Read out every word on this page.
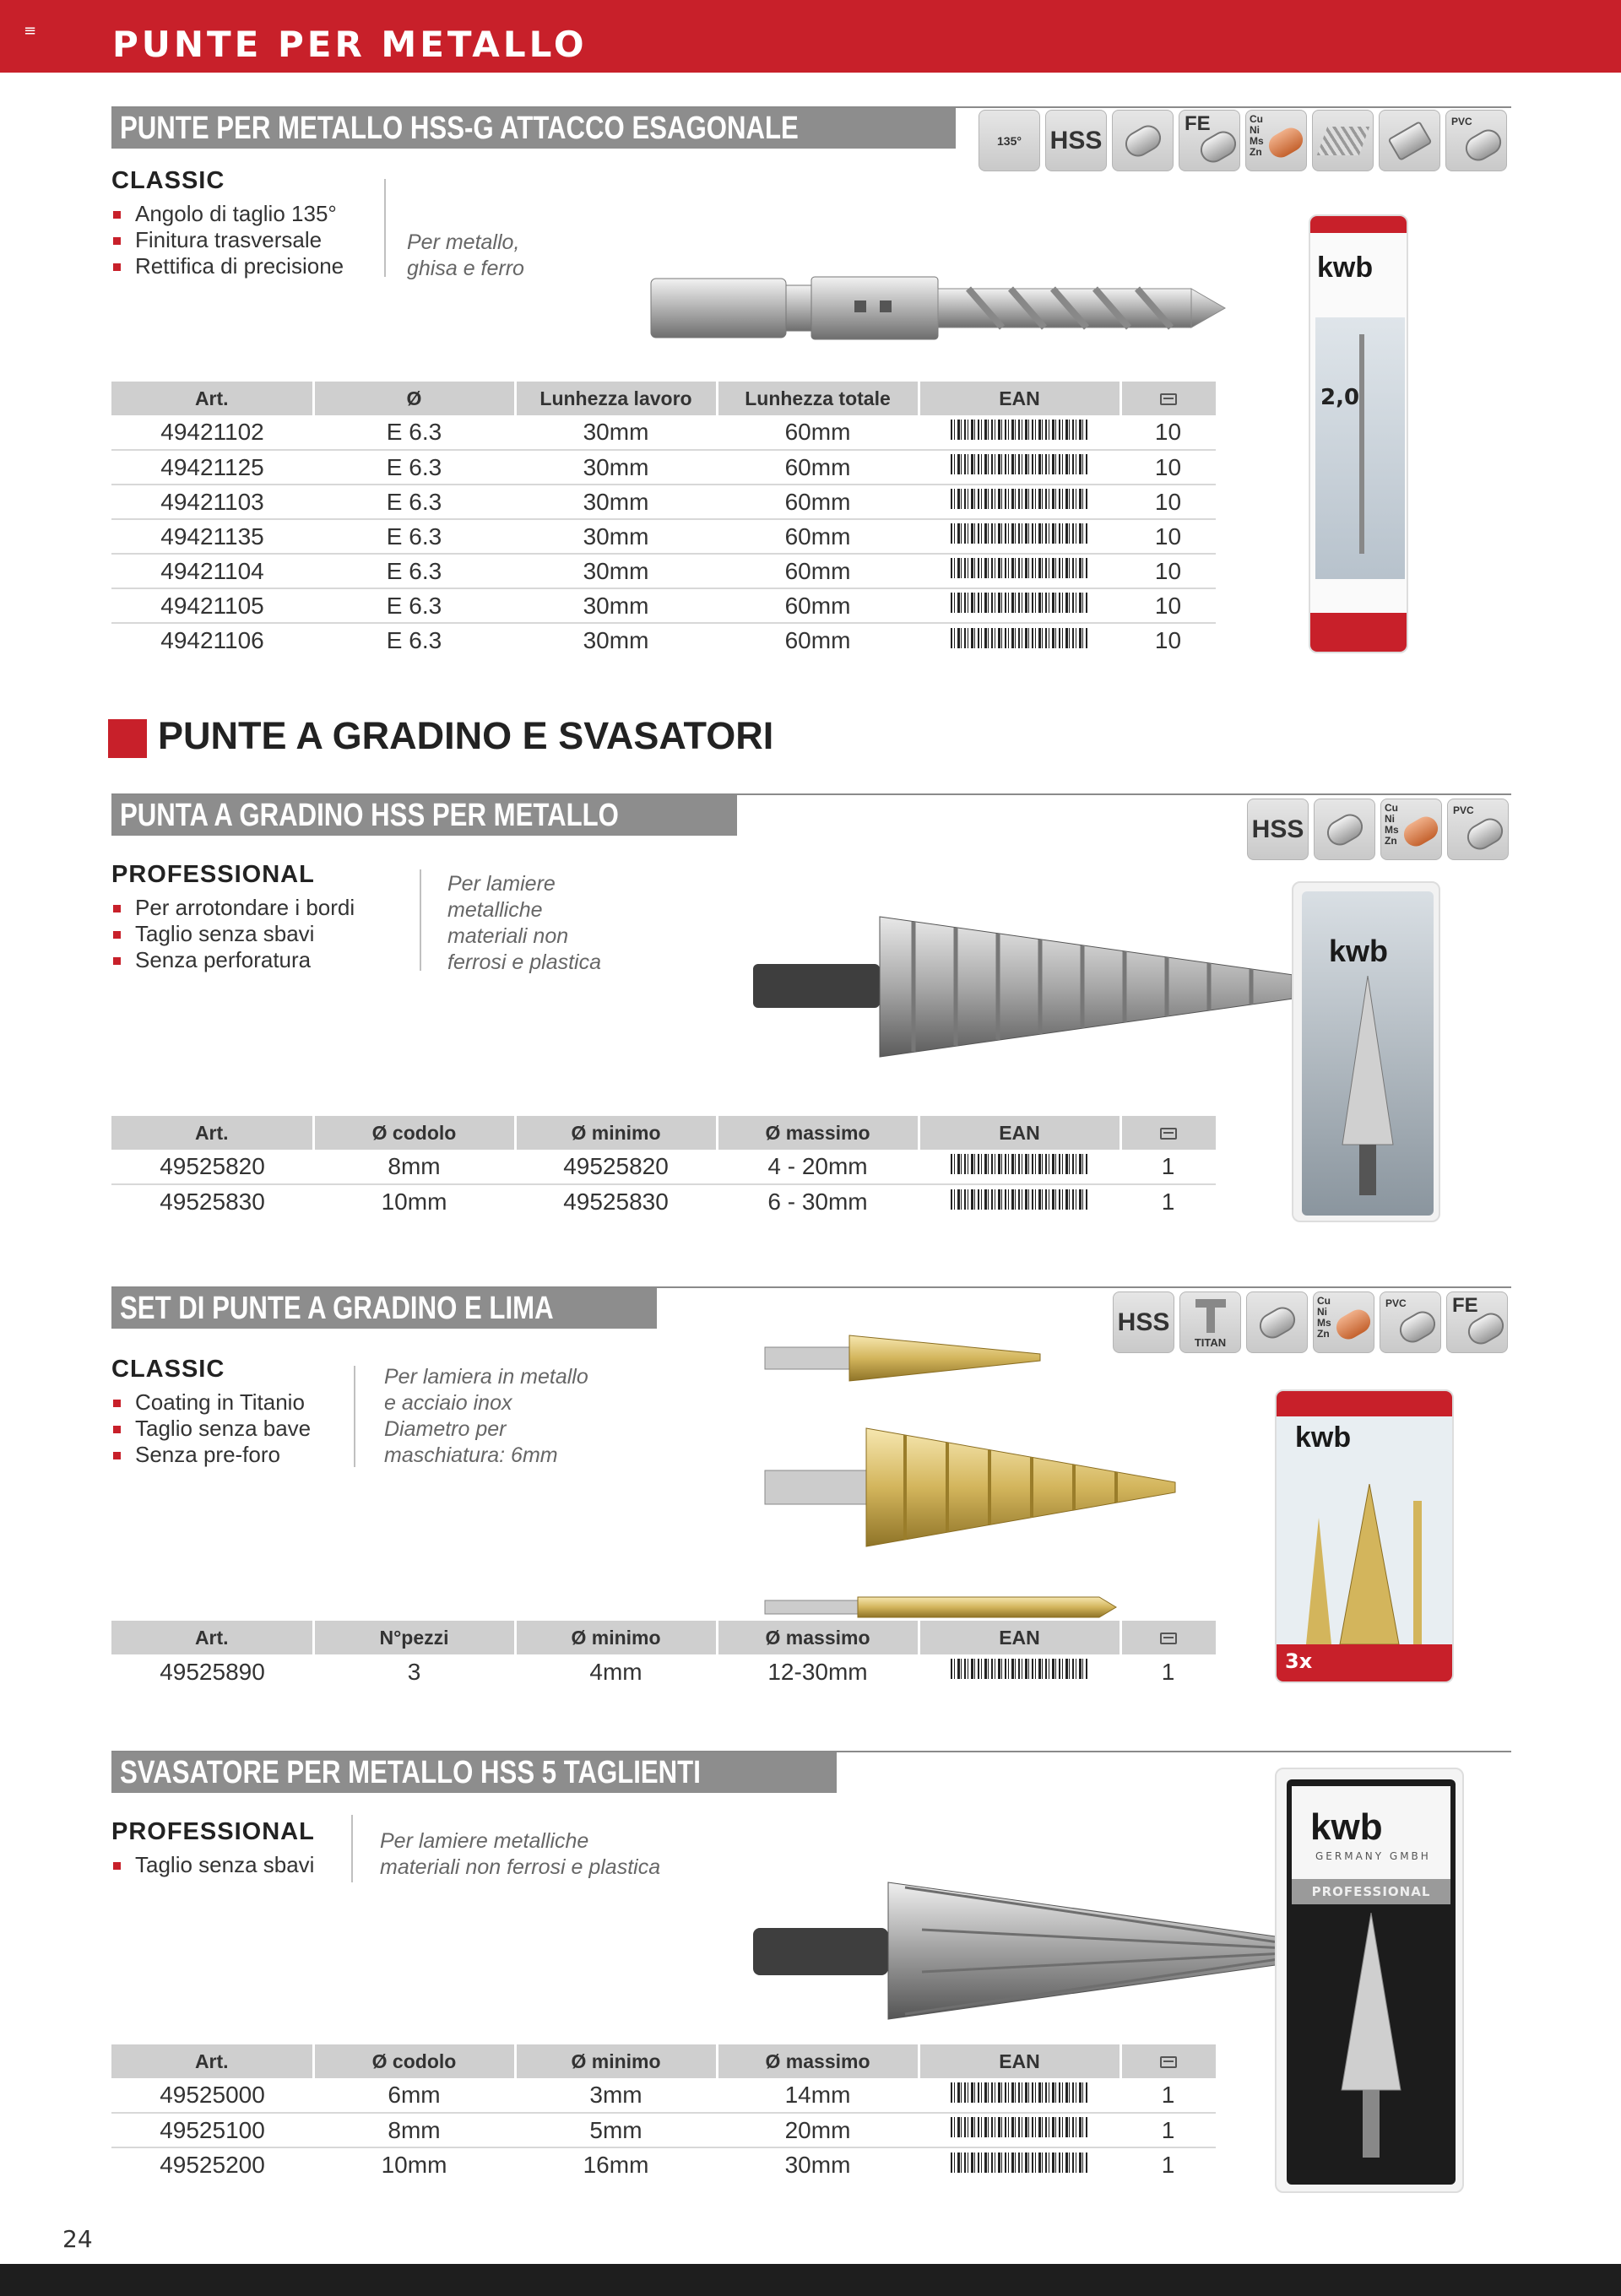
≡ PUNTE PER METALLO
PUNTE PER METALLO HSS-G ATTACCO ESAGONALE	135° HSS
FE	Cu Ni Ms Zn
PVC
CLASSIC
Angolo di taglio 135°
Finitura trasversale
Rettifica di precisione
Per metallo,
ghisa e ferro	kwb
2,0
Art.	Ø	Lunhezza lavoro	Lunhezza totale	EAN	
49421102	E 6.3	30mm	60mm		10
49421125	E 6.3	30mm	60mm		10
49421103	E 6.3	30mm	60mm		10
49421135	E 6.3	30mm	60mm		10
49421104	E 6.3	30mm	60mm		10
49421105	E 6.3	30mm	60mm		10
49421106	E 6.3	30mm	60mm		10
PUNTE A GRADINO E SVASATORI
PUNTA A GRADINO HSS PER METALLO	HSS
Cu Ni Ms Zn
PVC
PROFESSIONAL
Per arrotondare i bordi
Taglio senza sbavi
Senza perforatura
Per lamiere
metalliche
materiali non
ferrosi e plastica	kwb
Art.	Ø codolo	Ø minimo	Ø massimo	EAN	
49525820	8mm	49525820	4 - 20mm		1
49525830	10mm	49525830	6 - 30mm		1
SET DI PUNTE A GRADINO E LIMA	HSS
TITAN
Cu Ni Ms Zn
PVC FE
CLASSIC
Coating in Titanio
Taglio senza bave
Senza pre-foro
Per lamiera in metallo
e acciaio inox
Diametro per
maschiatura: 6mm
kwb
3x
Art.	N°pezzi	Ø minimo	Ø massimo	EAN	
49525890	3	4mm	12-30mm		1
SVASATORE PER METALLO HSS 5 TAGLIENTI
PROFESSIONAL
Taglio senza sbavi
Per lamiere metalliche
materiali non ferrosi e plastica
kwb
GERMANY GMBH
PROFESSIONAL
Art.	Ø codolo	Ø minimo	Ø massimo	EAN	
49525000	6mm	3mm	14mm		1
49525100	8mm	5mm	20mm		1
49525200	10mm	16mm	30mm		1
24
